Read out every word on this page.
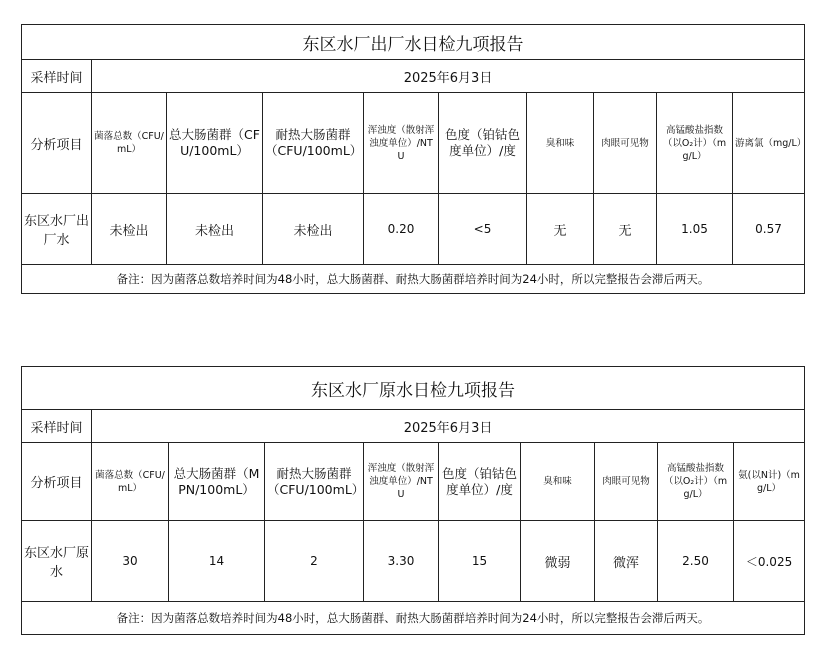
东区水厂出厂水日检九项报告									
采样时间	2025年6月3日								
分析项目	菌落总数（CFU/mL）	总大肠菌群（CFU/100mL）	耐热大肠菌群（CFU/100mL）	浑浊度（散射浑浊度单位）/NTU	色度（铂钴色度单位）/度	臭和味	肉眼可见物	高锰酸盐指数（以O₂计）（mg/L）	游离氯（mg/L）
东区水厂出厂水	未检出	未检出	未检出	0.20	<5	无	无	1.05	0.57
备注：因为菌落总数培养时间为48小时，总大肠菌群、耐热大肠菌群培养时间为24小时，所以完整报告会滞后两天。									
东区水厂原水日检九项报告									
采样时间	2025年6月3日								
分析项目	菌落总数（CFU/mL）	总大肠菌群（MPN/100mL）	耐热大肠菌群（CFU/100mL）	浑浊度（散射浑浊度单位）/NTU	色度（铂钴色度单位）/度	臭和味	肉眼可见物	高锰酸盐指数（以O₂计）（mg/L）	氨(以N计)（mg/L）
东区水厂原水	30	14	2	3.30	15	微弱	微浑	2.50	＜0.025
备注：因为菌落总数培养时间为48小时，总大肠菌群、耐热大肠菌群培养时间为24小时，所以完整报告会滞后两天。									
